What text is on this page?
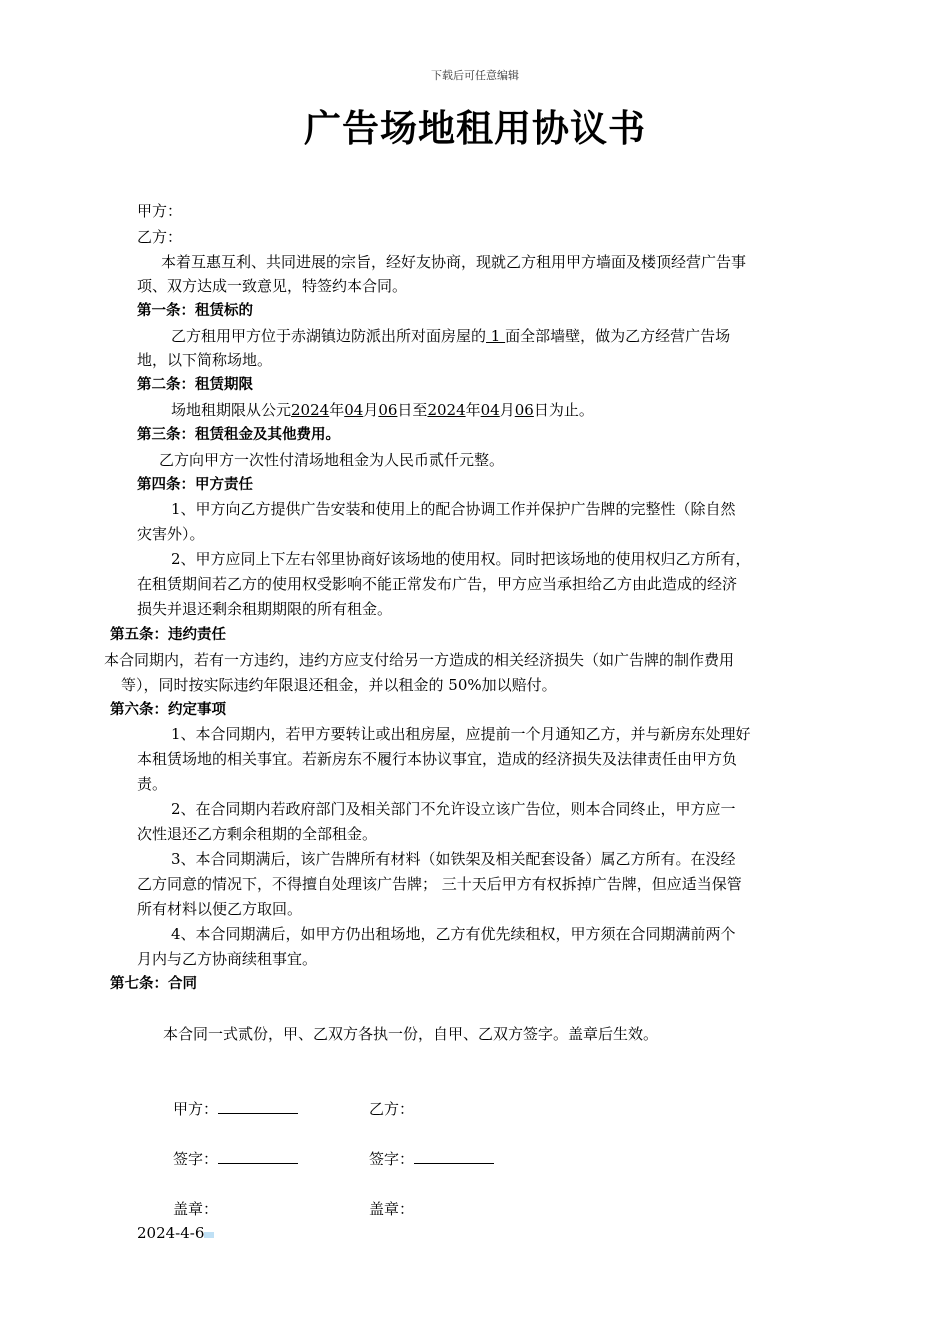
下载后可任意编辑
广告场地租用协议书
甲方：
乙方：
本着互惠互利、共同进展的宗旨，经好友协商，现就乙方租用甲方墙面及楼顶经营广告事
项、双方达成一致意见，特签约本合同。
第一条：租赁标的
乙方租用甲方位于赤湖镇边防派出所对面房屋的 1 面全部墙壁，做为乙方经营广告场
地，以下简称场地。
第二条：租赁期限
场地租期限从公元2024年04月06日至2024年04月06日为止。
第三条：租赁租金及其他费用。
乙方向甲方一次性付清场地租金为人民币贰仟元整。
第四条：甲方责任
1、甲方向乙方提供广告安装和使用上的配合协调工作并保护广告牌的完整性（除自然
灾害外）。
2、甲方应同上下左右邻里协商好该场地的使用权。同时把该场地的使用权归乙方所有，
在租赁期间若乙方的使用权受影响不能正常发布广告，甲方应当承担给乙方由此造成的经济
损失并退还剩余租期期限的所有租金。
第五条：违约责任
本合同期内，若有一方违约，违约方应支付给另一方造成的相关经济损失（如广告牌的制作费用
等），同时按实际违约年限退还租金，并以租金的 50%加以赔付。
第六条：约定事项
1、本合同期内，若甲方要转让或出租房屋，应提前一个月通知乙方，并与新房东处理好
本租赁场地的相关事宜。若新房东不履行本协议事宜，造成的经济损失及法律责任由甲方负
责。
2、在合同期内若政府部门及相关部门不允许设立该广告位，则本合同终止，甲方应一
次性退还乙方剩余租期的全部租金。
3、本合同期满后，该广告牌所有材料（如铁架及相关配套设备）属乙方所有。在没经
乙方同意的情况下，不得擅自处理该广告牌； 三十天后甲方有权拆掉广告牌，但应适当保管
所有材料以便乙方取回。
4、本合同期满后，如甲方仍出租场地，乙方有优先续租权，甲方须在合同期满前两个
月内与乙方协商续租事宜。
第七条：合同
本合同一式贰份，甲、乙双方各执一份，自甲、乙双方签字。盖章后生效。
甲方：	乙方：
签字：	签字：
盖章：	盖章：
2024-4-6
